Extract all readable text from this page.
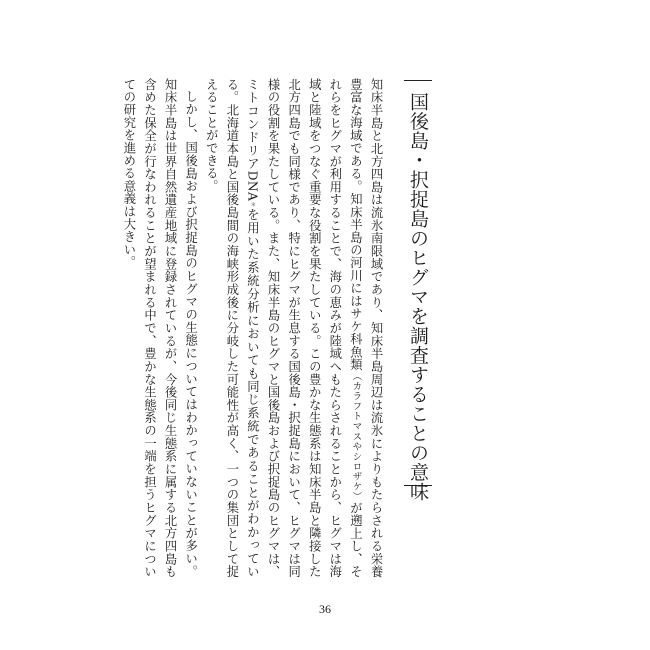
国後島・択捉島のヒグマを調査することの意味

知床半島と北方四島は流氷南限域であり、知床半島周辺は流氷によりもたらされる栄養豊富な海域である。知床半島の河川にはサケ科魚類（カラフトマスやシロザケ）が遡上し、それらをヒグマが利用することで、海の恵みが陸域へもたらされることから、ヒグマは海域と陸域をつなぐ重要な役割を果たしている。この豊かな生態系は知床半島と隣接した北方四島でも同様であり、特にヒグマが生息する国後島・択捉島において、ヒグマは同様の役割を果たしている。また、知床半島のヒグマと国後島および択捉島のヒグマは、ミトコンドリアDNA＊を用いた系統分析においても同じ系統であることがわかっている。北海道本島と国後島間の海峡形成後に分岐した可能性が高く、一つの集団として捉えることができる。

しかし、国後島および択捉島のヒグマの生態についてはわかっていないことが多い。知床半島は世界自然遺産地域に登録されているが、今後同じ生態系に属する北方四島も含めた保全が行なわれることが望まれる中で、豊かな生態系の一端を担うヒグマについての研究を進める意義は大きい。

36
